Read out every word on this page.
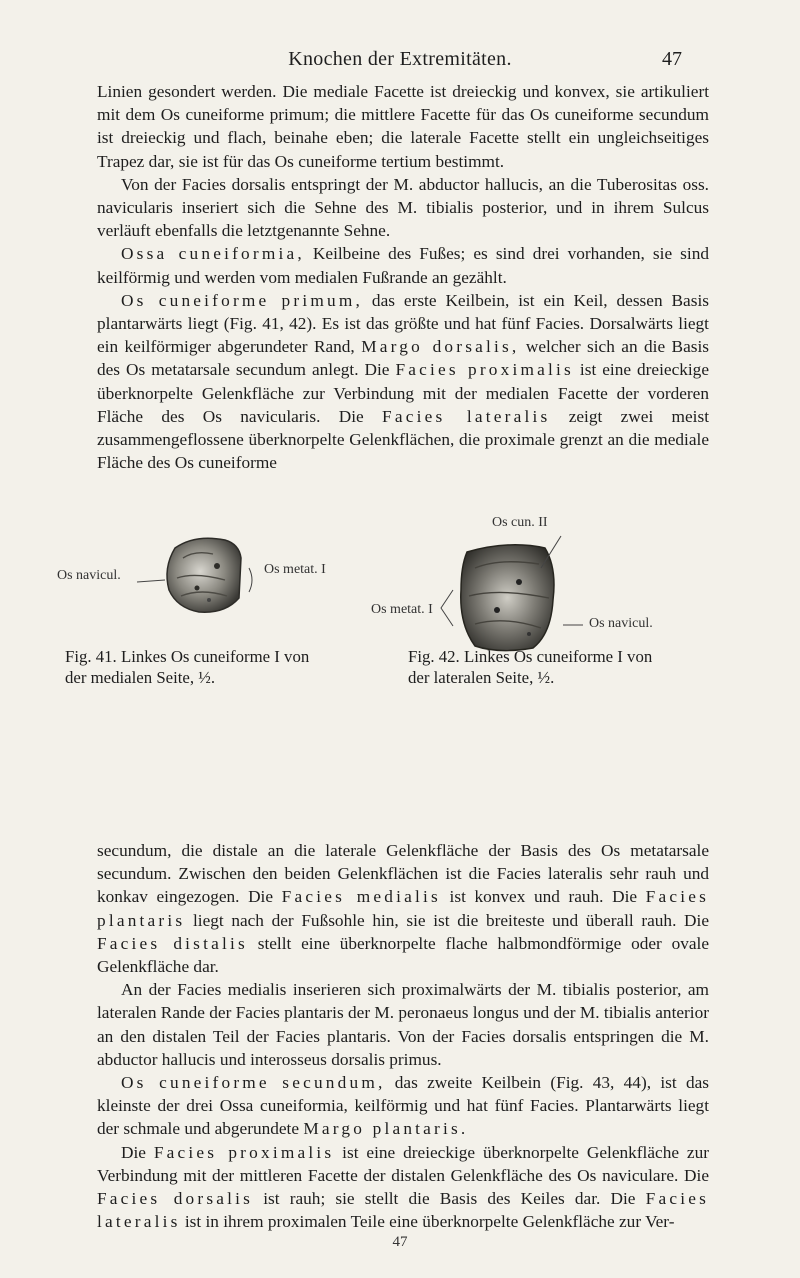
Knochen der Extremitäten.	47

Linien gesondert werden. Die mediale Facette ist dreieckig und konvex, sie artikuliert mit dem Os cuneiforme primum; die mittlere Facette für das Os cuneiforme secundum ist dreieckig und flach, beinahe eben; die laterale Facette stellt ein ungleichseitiges Trapez dar, sie ist für das Os cuneiforme tertium bestimmt.

Von der Facies dorsalis entspringt der M. abductor hallucis, an die Tuberositas oss. navicularis inseriert sich die Sehne des M. tibialis posterior, und in ihrem Sulcus verläuft ebenfalls die letztgenannte Sehne.

Ossa cuneiformia, Keilbeine des Fußes; es sind drei vorhanden, sie sind keilförmig und werden vom medialen Fußrande an gezählt.

Os cuneiforme primum, das erste Keilbein, ist ein Keil, dessen Basis plantarwärts liegt (Fig. 41, 42). Es ist das größte und hat fünf Facies. Dorsalwärts liegt ein keilförmiger abgerundeter Rand, Margo dorsalis, welcher sich an die Basis des Os metatarsale secundum anlegt. Die Facies proximalis ist eine dreieckige überknorpelte Gelenkfläche zur Verbindung mit der medialen Facette der vorderen Fläche des Os navicularis. Die Facies lateralis zeigt zwei meist zusammengeflossene überknorpelte Gelenkflächen, die proximale grenzt an die mediale Fläche des Os cuneiforme

Os navicul.	Os metat. I
Fig. 41. Linkes Os cuneiforme I von
der medialen Seite, ½.
Os cun. II
Os metat. I
Os navicul.
Fig. 42. Linkes Os cuneiforme I von
der lateralen Seite, ½.

secundum, die distale an die laterale Gelenkfläche der Basis des Os metatarsale secundum. Zwischen den beiden Gelenkflächen ist die Facies lateralis sehr rauh und konkav eingezogen. Die Facies medialis ist konvex und rauh. Die Facies plantaris liegt nach der Fußsohle hin, sie ist die breiteste und überall rauh. Die Facies distalis stellt eine überknorpelte flache halbmondförmige oder ovale Gelenkfläche dar.

An der Facies medialis inserieren sich proximalwärts der M. tibialis posterior, am lateralen Rande der Facies plantaris der M. peronaeus longus und der M. tibialis anterior an den distalen Teil der Facies plantaris. Von der Facies dorsalis entspringen die M. abductor hallucis und interosseus dorsalis primus.

Os cuneiforme secundum, das zweite Keilbein (Fig. 43, 44), ist das kleinste der drei Ossa cuneiformia, keilförmig und hat fünf Facies. Plantarwärts liegt der schmale und abgerundete Margo plantaris.

Die Facies proximalis ist eine dreieckige überknorpelte Gelenkfläche zur Verbindung mit der mittleren Facette der distalen Gelenkfläche des Os naviculare. Die Facies dorsalis ist rauh; sie stellt die Basis des Keiles dar. Die Facies lateralis ist in ihrem proximalen Teile eine überknorpelte Gelenkfläche zur Ver-

47
